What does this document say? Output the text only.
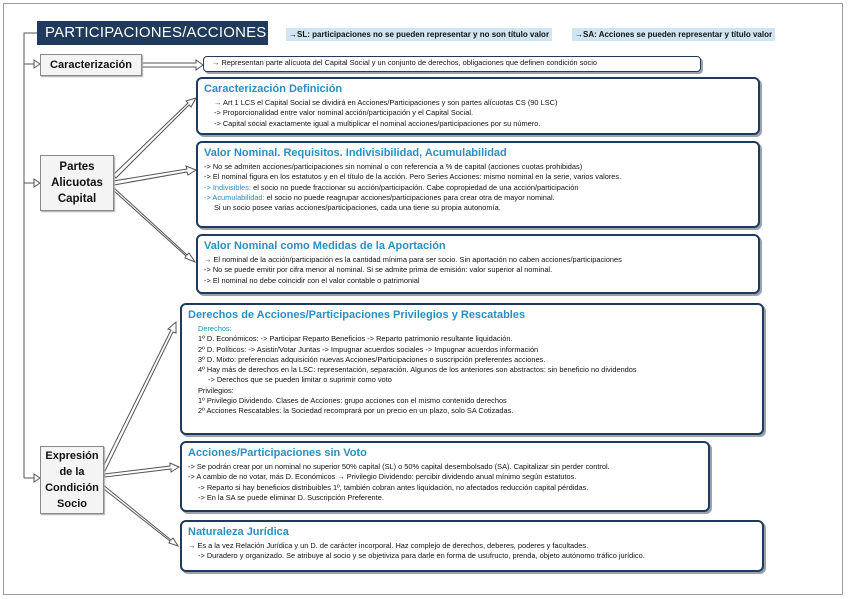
PARTICIPACIONES/ACCIONES	→SL: participaciones no se pueden representar y no son título valor	→SA: Acciones se pueden representar y título valor
Caracterización
Partes Alicuotas Capital
Expresión de la Condición Socio
→ Representan parte alícuota del Capital Social y un conjunto de derechos, obligaciones que definen condición socio
Caracterización Definición
→ Art 1 LCS el Capital Social se dividirá en Acciones/Participaciones y son partes alícuotas CS (90 LSC)
-> Proporcionalidad entre valor nominal acción/participación y el Capital Social.
-> Capital social exactamente igual a multiplicar el nominal acciones/participaciones por su número.
Valor Nominal. Requisitos. Indivisibilidad, Acumulabilidad
-> No se admiten acciones/participaciones sin nominal o con referencia a % de capital (acciones cuotas prohibidas)
-> El nominal figura en los estatutos y en el título de la acción. Pero Series Acciones: mismo nominal en la serie, varios valores.
-> Indivisibles: el socio no puede fraccionar su acción/participación. Cabe copropiedad de una acción/participación
-> Acumulabilidad: el socio no puede reagrupar acciones/participaciones para crear otra de mayor nominal.
Si un socio posee varias acciones/participaciones, cada una tiene su propia autonomía.
Valor Nominal como Medidas de la Aportación
→ El nominal de la acción/participación es la cantidad mínima para ser socio. Sin aportación no caben acciones/participaciones
-> No se puede emitir por cifra menor al nominal. Si se admite prima de emisión: valor superior al nominal.
-> El nominal no debe coincidir con el valor contable o patrimonial
Derechos de Acciones/Participaciones Privilegios y Rescatables
Derechos:
1º D. Económicos: -> Participar Reparto Beneficios -> Reparto patrimonio resultante liquidación.
2º D. Políticos: -> Asistir/Votar Juntas -> Impugnar acuerdos sociales -> Impugnar acuerdos información
3º D. Mixto: preferencias adquisición nuevas Acciones/Participaciones o suscripción preferentes acciones.
4º Hay más de derechos en la LSC: representación, separación. Algunos de los anteriores son abstractos: sin beneficio no dividendos
-> Derechos que se pueden limitar o suprimir como voto
Privilegios:
1º Privilegio Dividendo. Clases de Acciones: grupo acciones con el mismo contenido derechos
2º Acciones Rescatables: la Sociedad recomprará por un precio en un plazo, solo SA Cotizadas.
Acciones/Participaciones sin Voto
-> Se podrán crear por un nominal no superior 50% capital (SL) o 50% capital desembolsado (SA). Capitalizar sin perder control.
-> A cambio de no votar, más D. Económicos → Privilegio Dividendo: percibir dividendo anual mínimo según estatutos.
-> Reparto si hay beneficios distribuibles 1º, también cobran antes liquidación, no afectados reducción capital pérdidas.
-> En la SA se puede eliminar D. Suscripción Preferente.
Naturaleza Jurídica
→ Es a la vez Relación Jurídica y un D. de carácter incorporal. Haz complejo de derechos, deberes, poderes y facultades.
-> Duradero y organizado. Se atribuye al socio y se objetiviza para darle en forma de usufructo, prenda, objeto autónomo tráfico jurídico.
